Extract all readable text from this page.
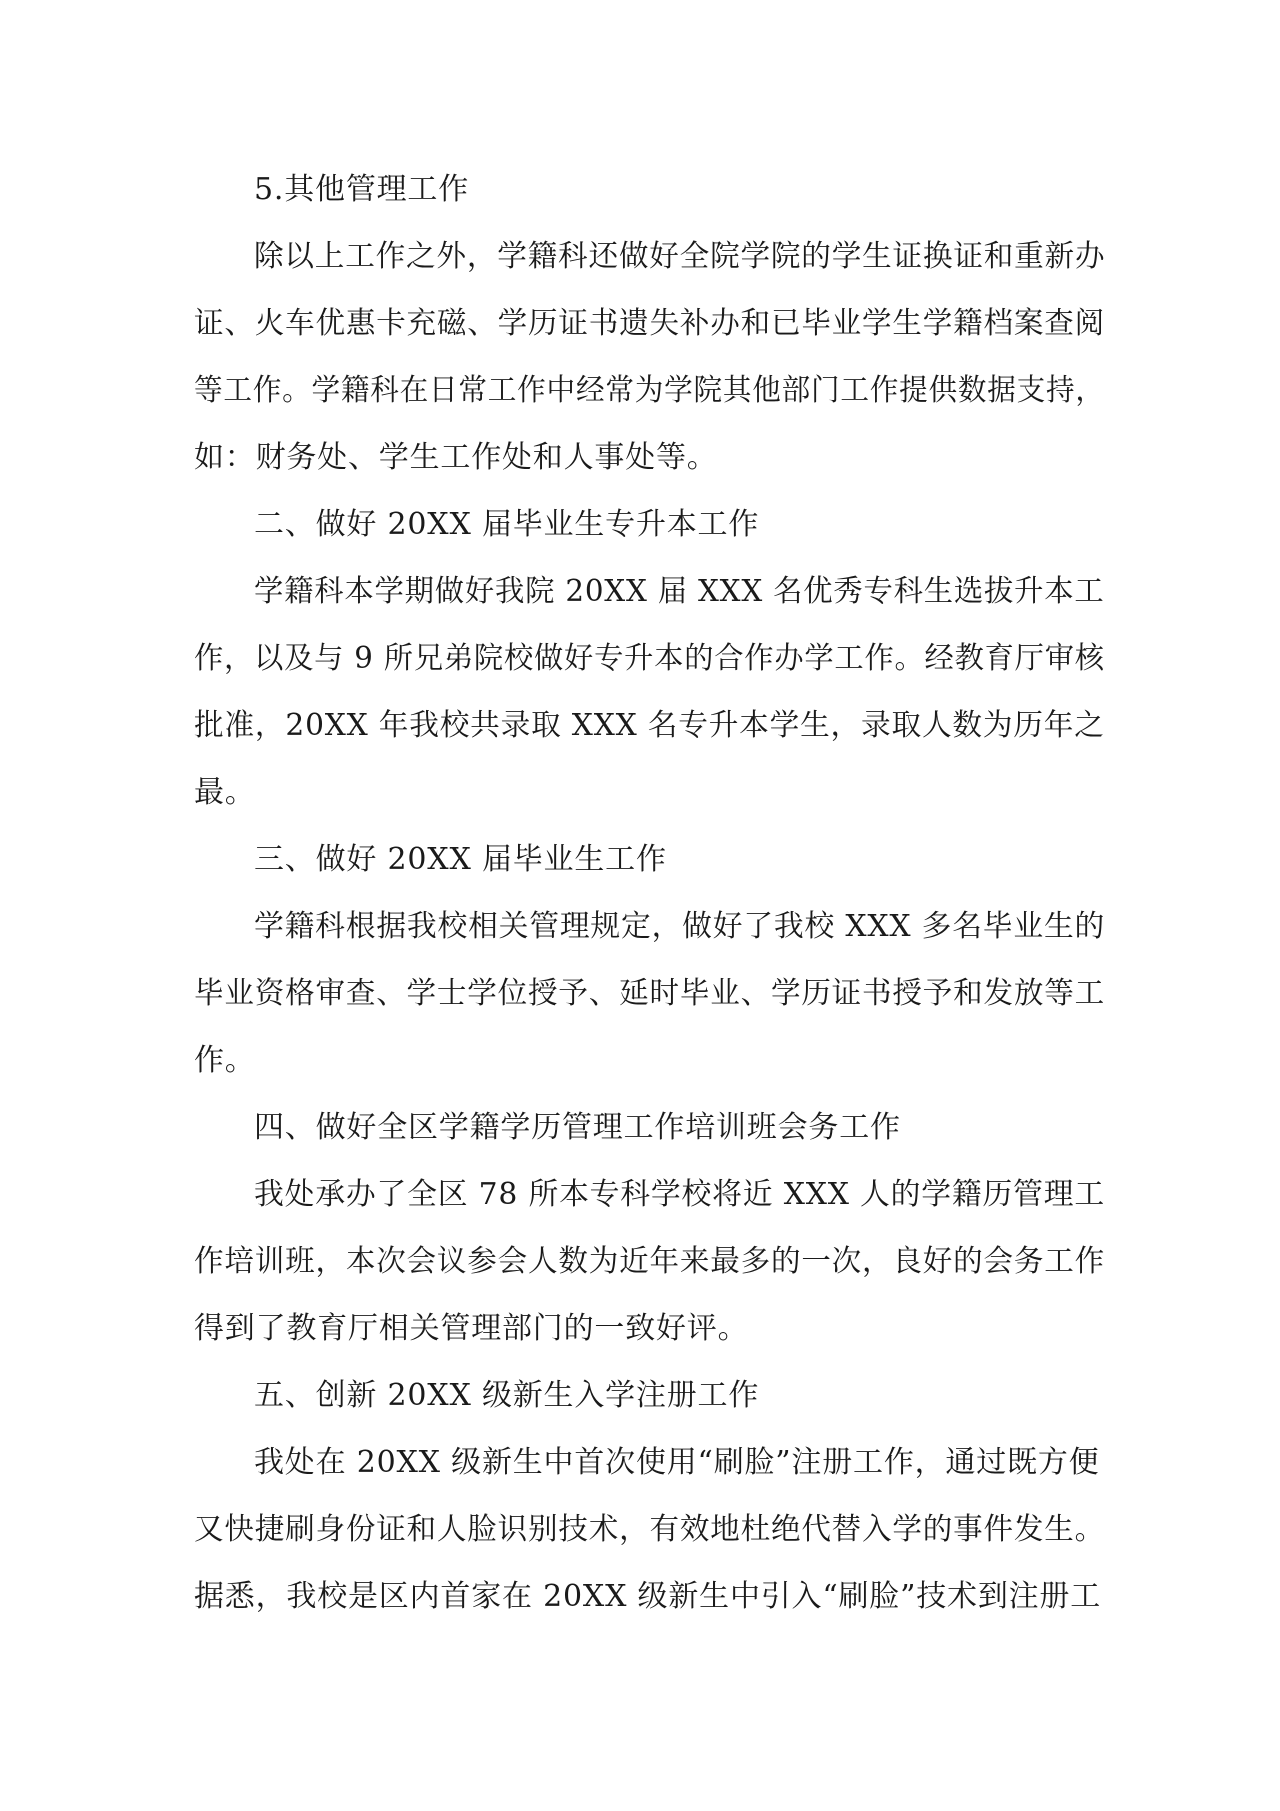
5.其他管理工作
除以上工作之外，学籍科还做好全院学院的学生证换证和重新办
证、火车优惠卡充磁、学历证书遗失补办和已毕业学生学籍档案查阅
等工作。学籍科在日常工作中经常为学院其他部门工作提供数据支持，
如：财务处、学生工作处和人事处等。
二、做好 20XX 届毕业生专升本工作
学籍科本学期做好我院 20XX 届 XXX 名优秀专科生选拔升本工
作，以及与 9 所兄弟院校做好专升本的合作办学工作。经教育厅审核
批准，20XX 年我校共录取 XXX 名专升本学生，录取人数为历年之
最。
三、做好 20XX 届毕业生工作
学籍科根据我校相关管理规定，做好了我校 XXX 多名毕业生的
毕业资格审查、学士学位授予、延时毕业、学历证书授予和发放等工
作。
四、做好全区学籍学历管理工作培训班会务工作
我处承办了全区 78 所本专科学校将近 XXX 人的学籍历管理工
作培训班，本次会议参会人数为近年来最多的一次，良好的会务工作
得到了教育厅相关管理部门的一致好评。
五、创新 20XX 级新生入学注册工作
我处在 20XX 级新生中首次使用“刷脸”注册工作，通过既方便
又快捷刷身份证和人脸识别技术，有效地杜绝代替入学的事件发生。
据悉，我校是区内首家在 20XX 级新生中引入“刷脸”技术到注册工
